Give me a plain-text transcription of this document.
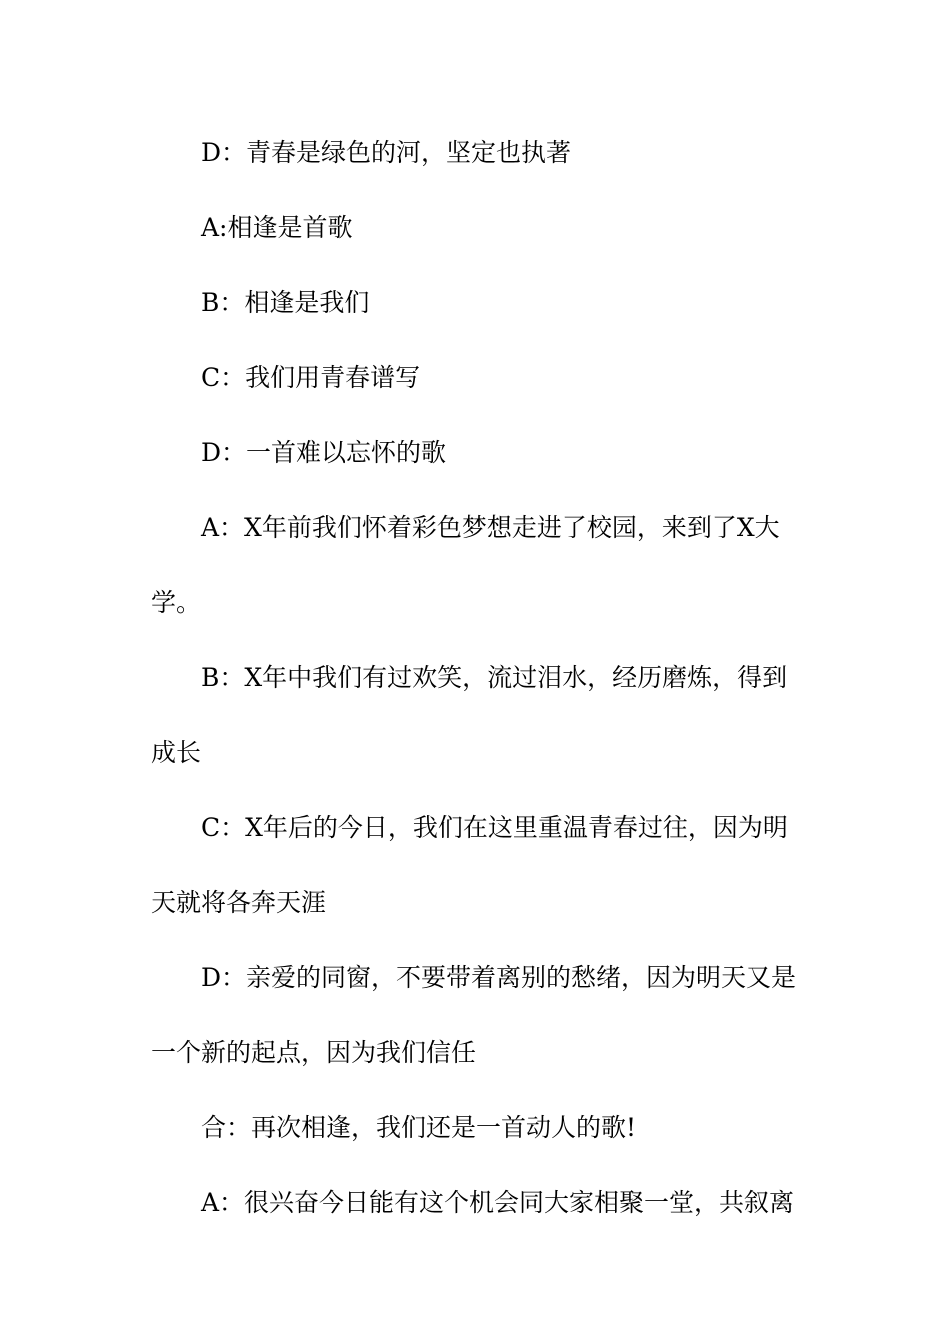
D：青春是绿色的河，坚定也执著

A:相逢是首歌

B：相逢是我们

C：我们用青春谱写

D：一首难以忘怀的歌

A：X年前我们怀着彩色梦想走进了校园，来到了X大学。

B：X年中我们有过欢笑，流过泪水，经历磨炼，得到成长

C：X年后的今日，我们在这里重温青春过往，因为明天就将各奔天涯

D：亲爱的同窗，不要带着离别的愁绪，因为明天又是一个新的起点，因为我们信任

合：再次相逢，我们还是一首动人的歌!

A：很兴奋今日能有这个机会同大家相聚一堂，共叙离
